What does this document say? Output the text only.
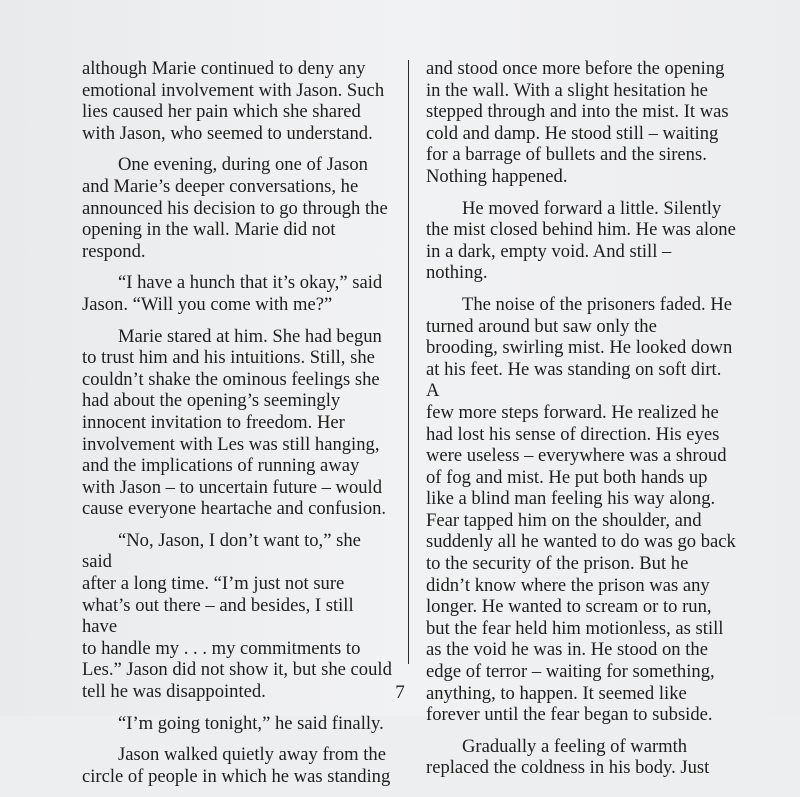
although Marie continued to deny any
emotional involvement with Jason. Such
lies caused her pain which she shared
with Jason, who seemed to understand.

One evening, during one of Jason
and Marie’s deeper conversations, he
announced his decision to go through the
opening in the wall. Marie did not
respond.

“I have a hunch that it’s okay,” said
Jason. “Will you come with me?”

Marie stared at him. She had begun
to trust him and his intuitions. Still, she
couldn’t shake the ominous feelings she
had about the opening’s seemingly
innocent invitation to freedom. Her
involvement with Les was still hanging,
and the implications of running away
with Jason – to uncertain future – would
cause everyone heartache and confusion.

“No, Jason, I don’t want to,” she said
after a long time. “I’m just not sure
what’s out there – and besides, I still have
to handle my . . . my commitments to
Les.” Jason did not show it, but she could
tell he was disappointed.

“I’m going tonight,” he said finally.

Jason walked quietly away from the
circle of people in which he was standing

and stood once more before the opening
in the wall. With a slight hesitation he
stepped through and into the mist. It was
cold and damp. He stood still – waiting
for a barrage of bullets and the sirens.
Nothing happened.

He moved forward a little. Silently
the mist closed behind him. He was alone
in a dark, empty void. And still – nothing.

The noise of the prisoners faded. He
turned around but saw only the
brooding, swirling mist. He looked down
at his feet. He was standing on soft dirt. A
few more steps forward. He realized he
had lost his sense of direction. His eyes
were useless – everywhere was a shroud
of fog and mist. He put both hands up
like a blind man feeling his way along.
Fear tapped him on the shoulder, and
suddenly all he wanted to do was go back
to the security of the prison. But he
didn’t know where the prison was any
longer. He wanted to scream or to run,
but the fear held him motionless, as still
as the void he was in. He stood on the
edge of terror – waiting for something,
anything, to happen. It seemed like
forever until the fear began to subside.

Gradually a feeling of warmth
replaced the coldness in his body. Just

7
